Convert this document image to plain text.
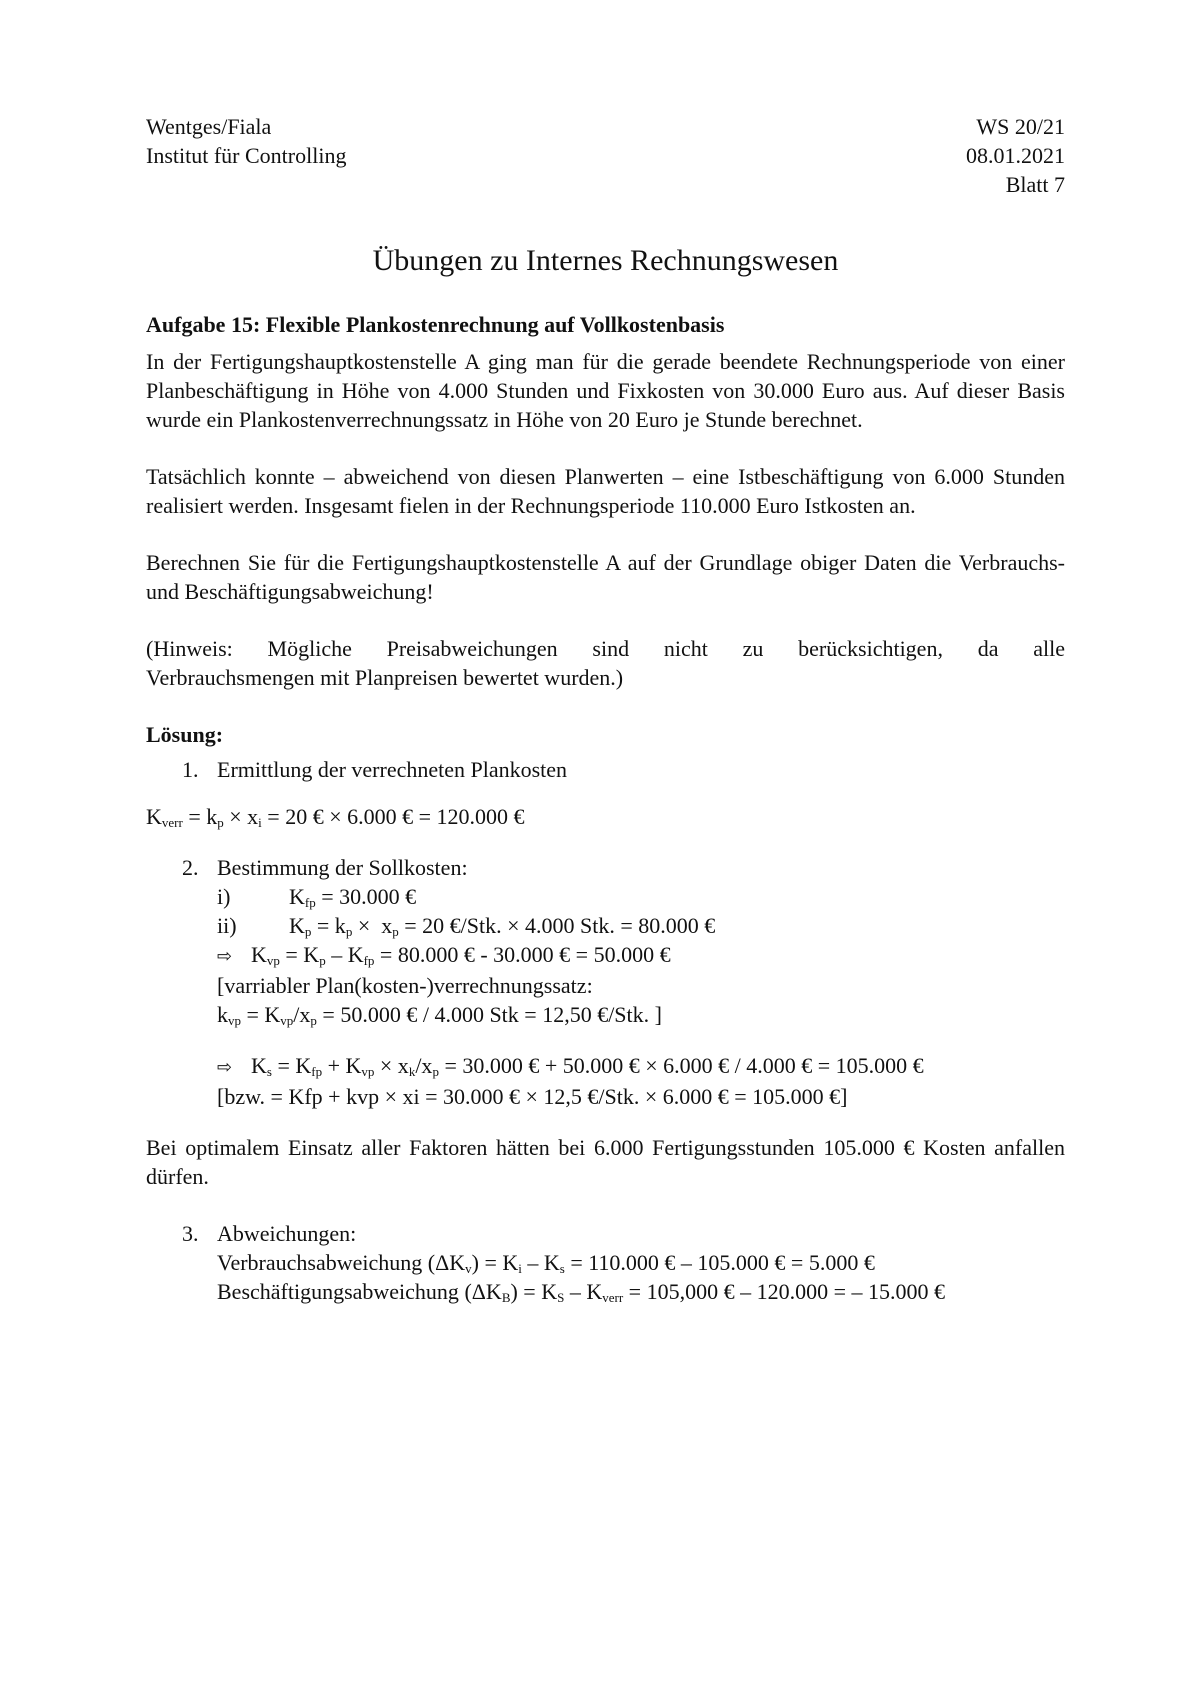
Wentges/Fiala	WS 20/21
Institut für Controlling	08.01.2021
Blatt 7
Übungen zu Internes Rechnungswesen
Aufgabe 15: Flexible Plankostenrechnung auf Vollkostenbasis

In der Fertigungshauptkostenstelle A ging man für die gerade beendete Rechnungsperiode von einer Planbeschäftigung in Höhe von 4.000 Stunden und Fixkosten von 30.000 Euro aus. Auf dieser Basis wurde ein Plankostenverrechnungssatz in Höhe von 20 Euro je Stunde berechnet.

Tatsächlich konnte – abweichend von diesen Planwerten – eine Istbeschäftigung von 6.000 Stunden realisiert werden. Insgesamt fielen in der Rechnungsperiode 110.000 Euro Istkosten an.

Berechnen Sie für die Fertigungshauptkostenstelle A auf der Grundlage obiger Daten die Verbrauchs- und Beschäftigungsabweichung!

(Hinweis: Mögliche Preisabweichungen sind nicht zu berücksichtigen, da alle

Verbrauchsmengen mit Planpreisen bewertet wurden.)
Lösung:
1. Ermittlung der verrechneten Plankosten
$K_{verr} = k_p \times x_i = 20$ € × 6.000 € = 120.000 €
2. Bestimmung der Sollkosten:
i)	$K_{fp} = 30.000$ €
ii)	$K_p = k_p \times x_p = 20$ €/Stk. × 4.000 Stk. = 80.000 €
⇨ $K_{vp} = K_p - K_{fp} = 80.000$ € - 30.000 € = 50.000 €
[varriabler Plan(kosten-)verrechnungssatz:
$k_{vp} = K_{vp}/x_p = 50.000$ € / 4.000 Stk = 12,50 €/Stk. ]
⇨ $K_s = K_{fp} + K_{vp} \times x_k/x_p = 30.000$ € + 50.000 € × 6.000 € / 4.000 € = 105.000 €
[bzw. = Kfp + kvp × xi = 30.000 € × 12,5 €/Stk. × 6.000 € = 105.000 €]

Bei optimalem Einsatz aller Faktoren hätten bei 6.000 Fertigungsstunden 105.000 € Kosten anfallen dürfen.

3. Abweichungen:
Verbrauchsabweichung $(\Delta K_v) = K_i - K_s = 110.000$ € – 105.000 € = 5.000 €
Beschäftigungsabweichung $(\Delta K_B) = K_S - K_{verr} = 105,000$ € – 120.000 = – 15.000 €
